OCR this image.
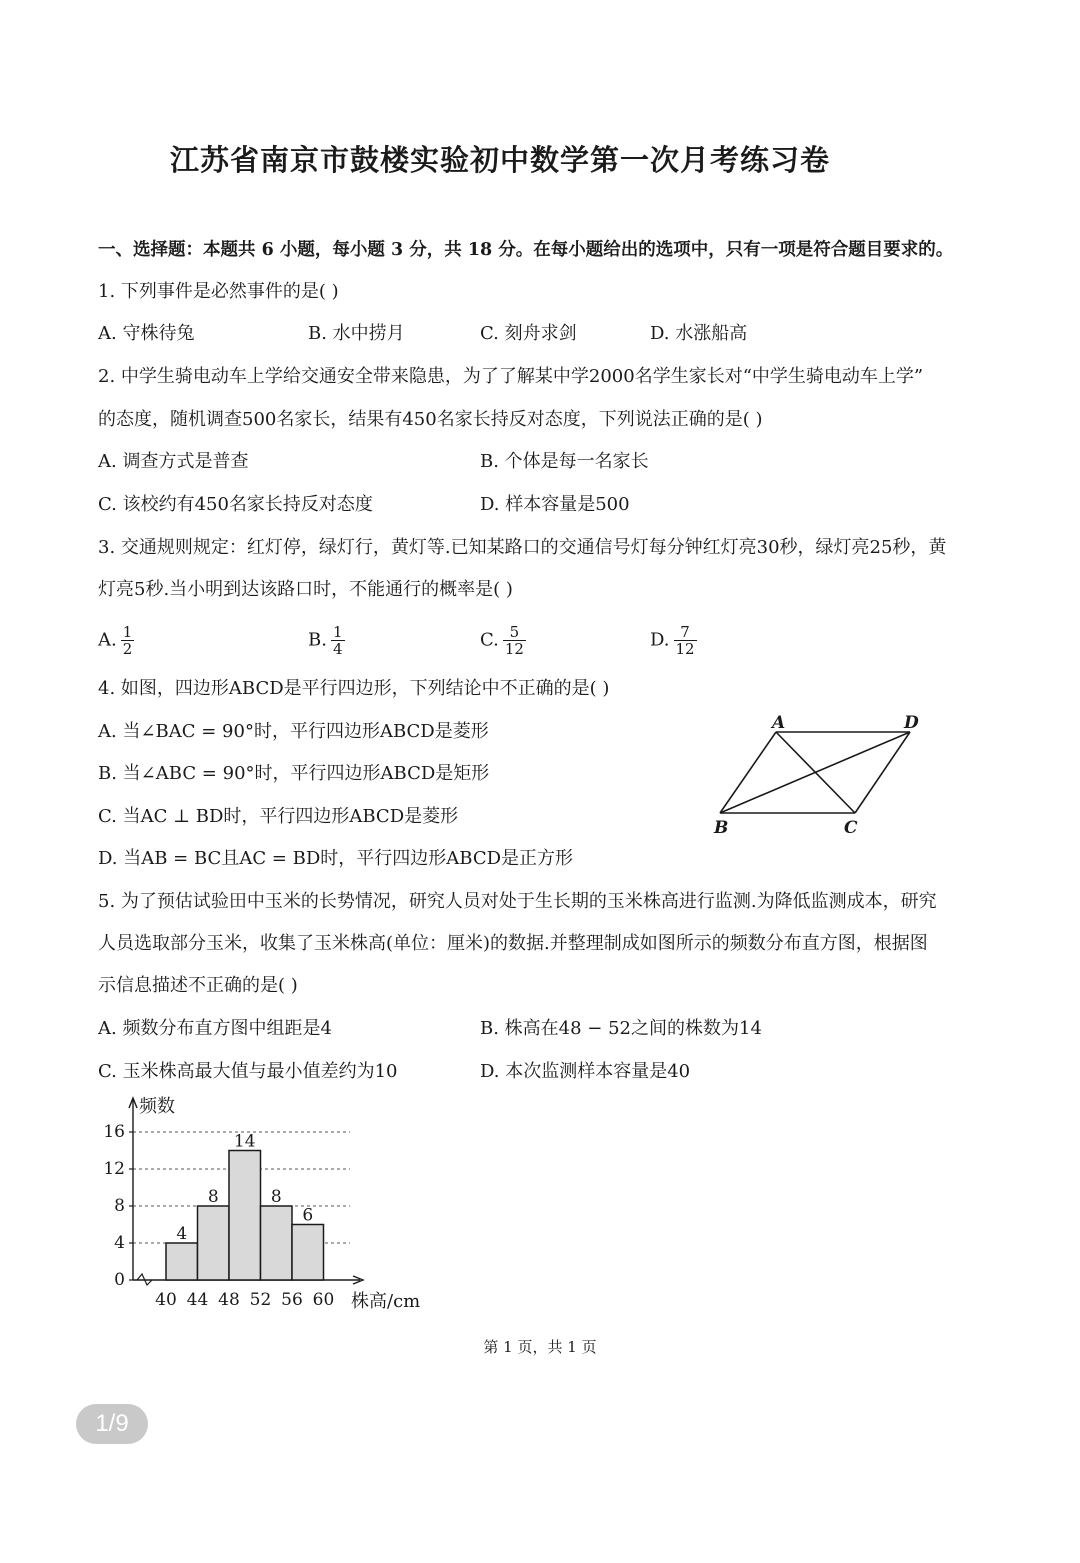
江苏省南京市鼓楼实验初中数学第一次月考练习卷
一、选择题：本题共 6 小题，每小题 3 分，共 18 分。在每小题给出的选项中，只有一项是符合题目要求的。
1. 下列事件是必然事件的是( )
A. 守株待兔	B. 水中捞月	C. 刻舟求剑	D. 水涨船高
2. 中学生骑电动车上学给交通安全带来隐患，为了了解某中学2000名学生家长对“中学生骑电动车上学”
的态度，随机调查500名家长，结果有450名家长持反对态度，下列说法正确的是( )
A. 调查方式是普查	B. 个体是每一名家长
C. 该校约有450名家长持反对态度	D. 样本容量是500
3. 交通规则规定：红灯停，绿灯行，黄灯等.已知某路口的交通信号灯每分钟红灯亮30秒，绿灯亮25秒，黄
灯亮5秒.当小明到达该路口时，不能通行的概率是( )
A. $\frac{1}{2}$	B. $\frac{1}{4}$	C. $\frac{5}{12}$	D. $\frac{7}{12}$
4. 如图，四边形ABCD是平行四边形，下列结论中不正确的是( )
A. 当∠BAC = 90°时，平行四边形ABCD是菱形
B. 当∠ABC = 90°时，平行四边形ABCD是矩形
C. 当AC ⊥ BD时，平行四边形ABCD是菱形
D. 当AB = BC且AC = BD时，平行四边形ABCD是正方形
A	D
B	C
5. 为了预估试验田中玉米的长势情况，研究人员对处于生长期的玉米株高进行监测.为降低监测成本，研究
人员选取部分玉米，收集了玉米株高(单位：厘米)的数据.并整理制成如图所示的频数分布直方图，根据图
示信息描述不正确的是( )
A. 频数分布直方图中组距是4	B. 株高在48 − 52之间的株数为14
C. 玉米株高最大值与最小值差约为10	D. 本次监测样本容量是40
0
4
8
12
16
4
8
14
8
6
40 44 48 52 56 60
频数
株高/cm
第 1 页，共 1 页
1/9
